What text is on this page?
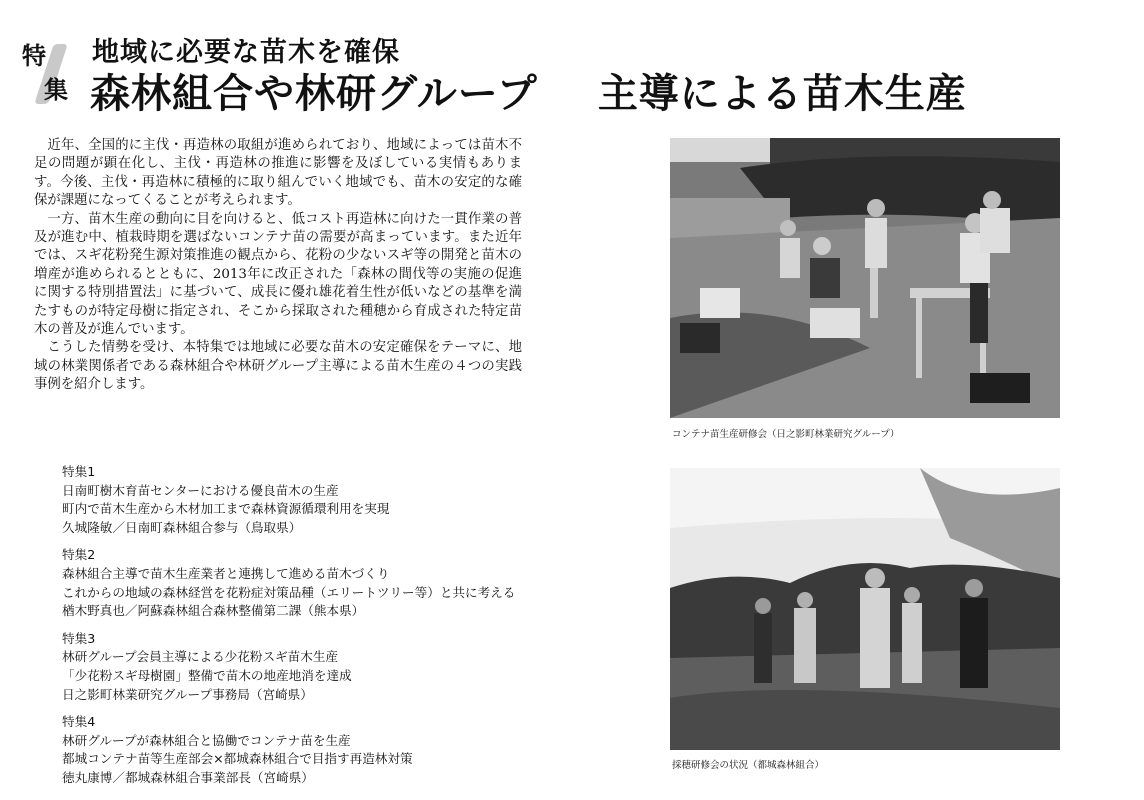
特
集
地域に必要な苗木を確保
森林組合や林研グループ 主導による苗木生産

近年、全国的に主伐・再造林の取組が進められており、地域によっては苗木不足の問題が顕在化し、主伐・再造林の推進に影響を及ぼしている実情もあります。今後、主伐・再造林に積極的に取り組んでいく地域でも、苗木の安定的な確保が課題になってくることが考えられます。

一方、苗木生産の動向に目を向けると、低コスト再造林に向けた一貫作業の普及が進む中、植栽時期を選ばないコンテナ苗の需要が高まっています。また近年では、スギ花粉発生源対策推進の観点から、花粉の少ないスギ等の開発と苗木の増産が進められるとともに、2013年に改正された「森林の間伐等の実施の促進に関する特別措置法」に基づいて、成長に優れ雄花着生性が低いなどの基準を満たすものが特定母樹に指定され、そこから採取された種穂から育成された特定苗木の普及が進んでいます。

こうした情勢を受け、本特集では地域に必要な苗木の安定確保をテーマに、地域の林業関係者である森林組合や林研グループ主導による苗木生産の４つの実践事例を紹介します。

特集1
日南町樹木育苗センターにおける優良苗木の生産
町内で苗木生産から木材加工まで森林資源循環利用を実現
久城隆敏／日南町森林組合参与（鳥取県）
特集2
森林組合主導で苗木生産業者と連携して進める苗木づくり
これからの地域の森林経営を花粉症対策品種（エリートツリー等）と共に考える
楢木野真也／阿蘇森林組合森林整備第二課（熊本県）
特集3
林研グループ会員主導による少花粉スギ苗木生産
「少花粉スギ母樹園」整備で苗木の地産地消を達成
日之影町林業研究グループ事務局（宮崎県）
特集4
林研グループが森林組合と協働でコンテナ苗を生産
都城コンテナ苗等生産部会×都城森林組合で目指す再造林対策
徳丸康博／都城森林組合事業部長（宮崎県）
コンテナ苗生産研修会（日之影町林業研究グループ）
採穂研修会の状況（都城森林組合）
